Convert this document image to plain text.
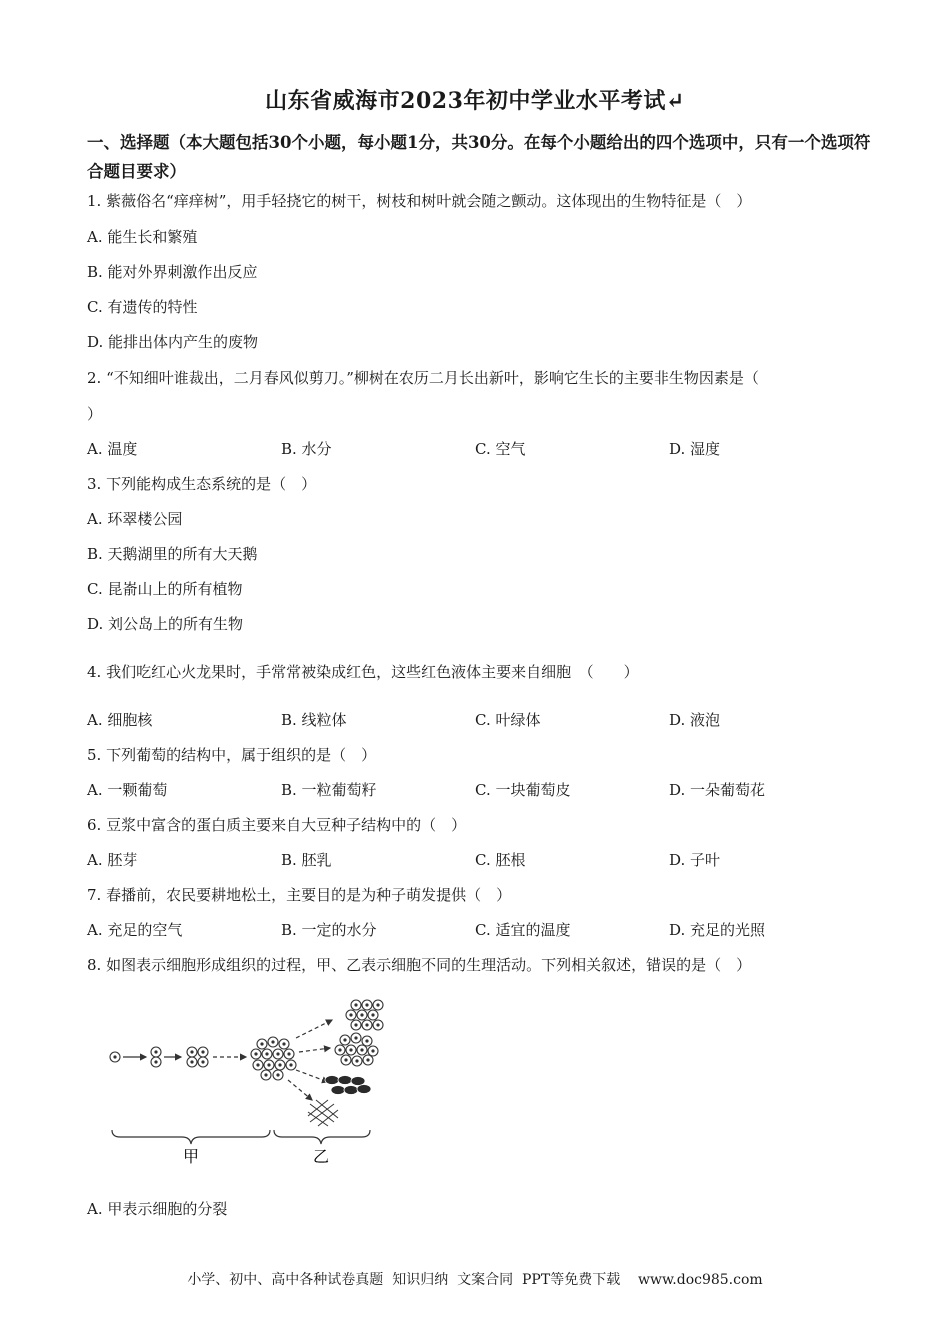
山东省威海市2023年初中学业水平考试↵
一、选择题（本大题包括30个小题，每小题1分，共30分。在每个小题给出的四个选项中，只有一个选项符合题目要求）
1. 紫薇俗名“痒痒树”，用手轻挠它的树干，树枝和树叶就会随之颤动。这体现出的生物特征是（　）
A. 能生长和繁殖
B. 能对外界刺激作出反应
C. 有遗传的特性
D. 能排出体内产生的废物
2. “不知细叶谁裁出，二月春风似剪刀。”柳树在农历二月长出新叶，影响它生长的主要非生物因素是（
）
A. 温度	B. 水分	C. 空气	D. 湿度
3. 下列能构成生态系统的是（　）
A. 环翠楼公园
B. 天鹅湖里的所有大天鹅
C. 昆嵛山上的所有植物
D. 刘公岛上的所有生物
4. 我们吃红心火龙果时，手常常被染成红色，这些红色液体主要来自细胞　（　　）
A. 细胞核	B. 线粒体	C. 叶绿体	D. 液泡
5. 下列葡萄的结构中，属于组织的是（　）
A. 一颗葡萄	B. 一粒葡萄籽	C. 一块葡萄皮	D. 一朵葡萄花
6. 豆浆中富含的蛋白质主要来自大豆种子结构中的（　）
A. 胚芽	B. 胚乳	C. 胚根	D. 子叶
7. 春播前，农民要耕地松土，主要目的是为种子萌发提供（　）
A. 充足的空气	B. 一定的水分	C. 适宜的温度	D. 充足的光照
8. 如图表示细胞形成组织的过程，甲、乙表示细胞不同的生理活动。下列相关叙述，错误的是（　）
甲	乙
A. 甲表示细胞的分裂
小学、初中、高中各种试卷真题  知识归纳  文案合同  PPT等免费下载    www.doc985.com
